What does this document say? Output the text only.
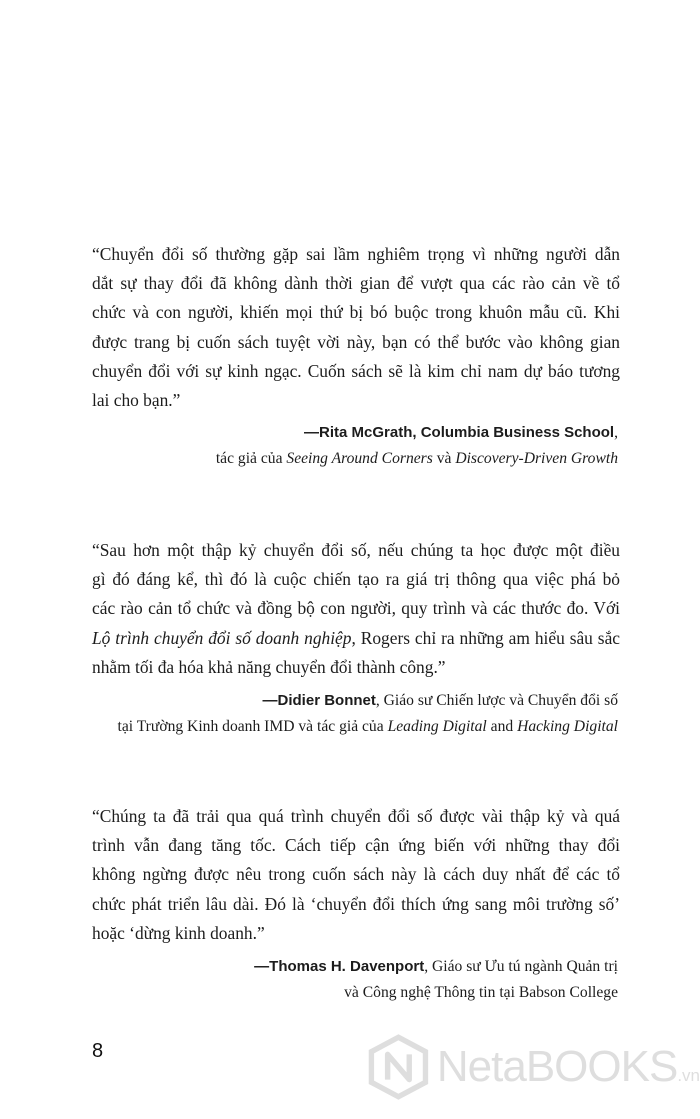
“Chuyển đổi số thường gặp sai lầm nghiêm trọng vì những người dẫn
dắt sự thay đổi đã không dành thời gian để vượt qua các rào cản về tổ
chức và con người, khiến mọi thứ bị bó buộc trong khuôn mẫu cũ. Khi
được trang bị cuốn sách tuyệt vời này, bạn có thể bước vào không gian
chuyển đổi với sự kinh ngạc. Cuốn sách sẽ là kim chỉ nam dự báo tương
lai cho bạn.”

—Rita McGrath, Columbia Business School,
tác giả của Seeing Around Corners và Discovery-Driven Growth

“Sau hơn một thập kỷ chuyển đổi số, nếu chúng ta học được một điều
gì đó đáng kể, thì đó là cuộc chiến tạo ra giá trị thông qua việc phá bỏ
các rào cản tổ chức và đồng bộ con người, quy trình và các thước đo. Với
Lộ trình chuyển đổi số doanh nghiệp, Rogers chỉ ra những am hiểu sâu sắc
nhằm tối đa hóa khả năng chuyển đổi thành công.”

—Didier Bonnet, Giáo sư Chiến lược và Chuyển đổi số
tại Trường Kinh doanh IMD và tác giả của Leading Digital and Hacking Digital

“Chúng ta đã trải qua quá trình chuyển đổi số được vài thập kỷ và quá
trình vẫn đang tăng tốc. Cách tiếp cận ứng biến với những thay đổi
không ngừng được nêu trong cuốn sách này là cách duy nhất để các tổ
chức phát triển lâu dài. Đó là ‘chuyển đổi thích ứng sang môi trường số’
hoặc ‘dừng kinh doanh.”

—Thomas H. Davenport, Giáo sư Ưu tú ngành Quản trị
và Công nghệ Thông tin tại Babson College
8	NetaBOOKS.vn
